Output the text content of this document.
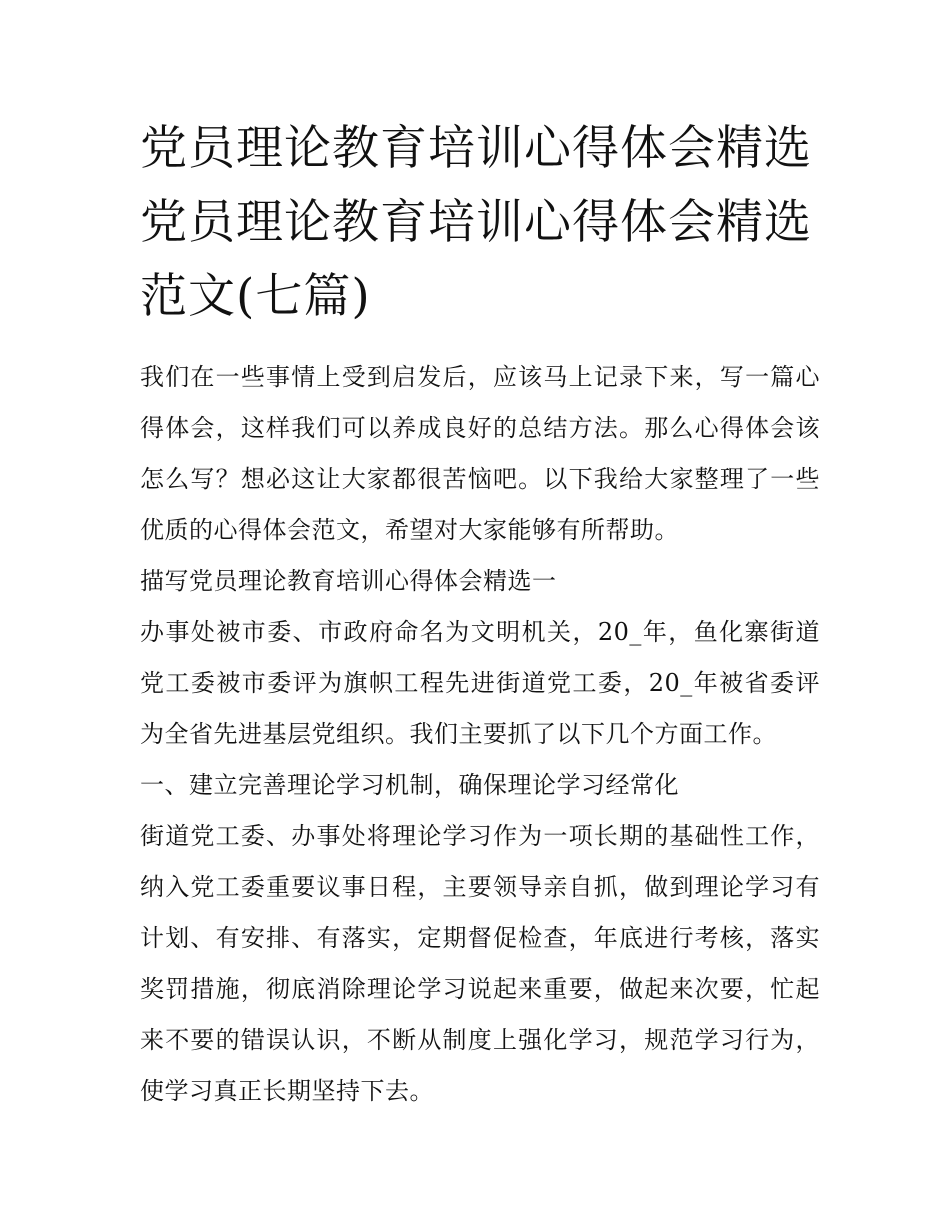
党员理论教育培训心得体会精选 党员理论教育培训心得体会精选范文(七篇)

我们在一些事情上受到启发后，应该马上记录下来，写一篇心得体会，这样我们可以养成良好的总结方法。那么心得体会该怎么写？想必这让大家都很苦恼吧。以下我给大家整理了一些优质的心得体会范文，希望对大家能够有所帮助。

描写党员理论教育培训心得体会精选一

办事处被市委、市政府命名为文明机关，20_年，鱼化寨街道党工委被市委评为旗帜工程先进街道党工委，20_年被省委评为全省先进基层党组织。我们主要抓了以下几个方面工作。

一、建立完善理论学习机制，确保理论学习经常化

街道党工委、办事处将理论学习作为一项长期的基础性工作，纳入党工委重要议事日程，主要领导亲自抓，做到理论学习有计划、有安排、有落实，定期督促检查，年底进行考核，落实奖罚措施，彻底消除理论学习说起来重要，做起来次要，忙起来不要的错误认识，不断从制度上强化学习，规范学习行为，使学习真正长期坚持下去。
